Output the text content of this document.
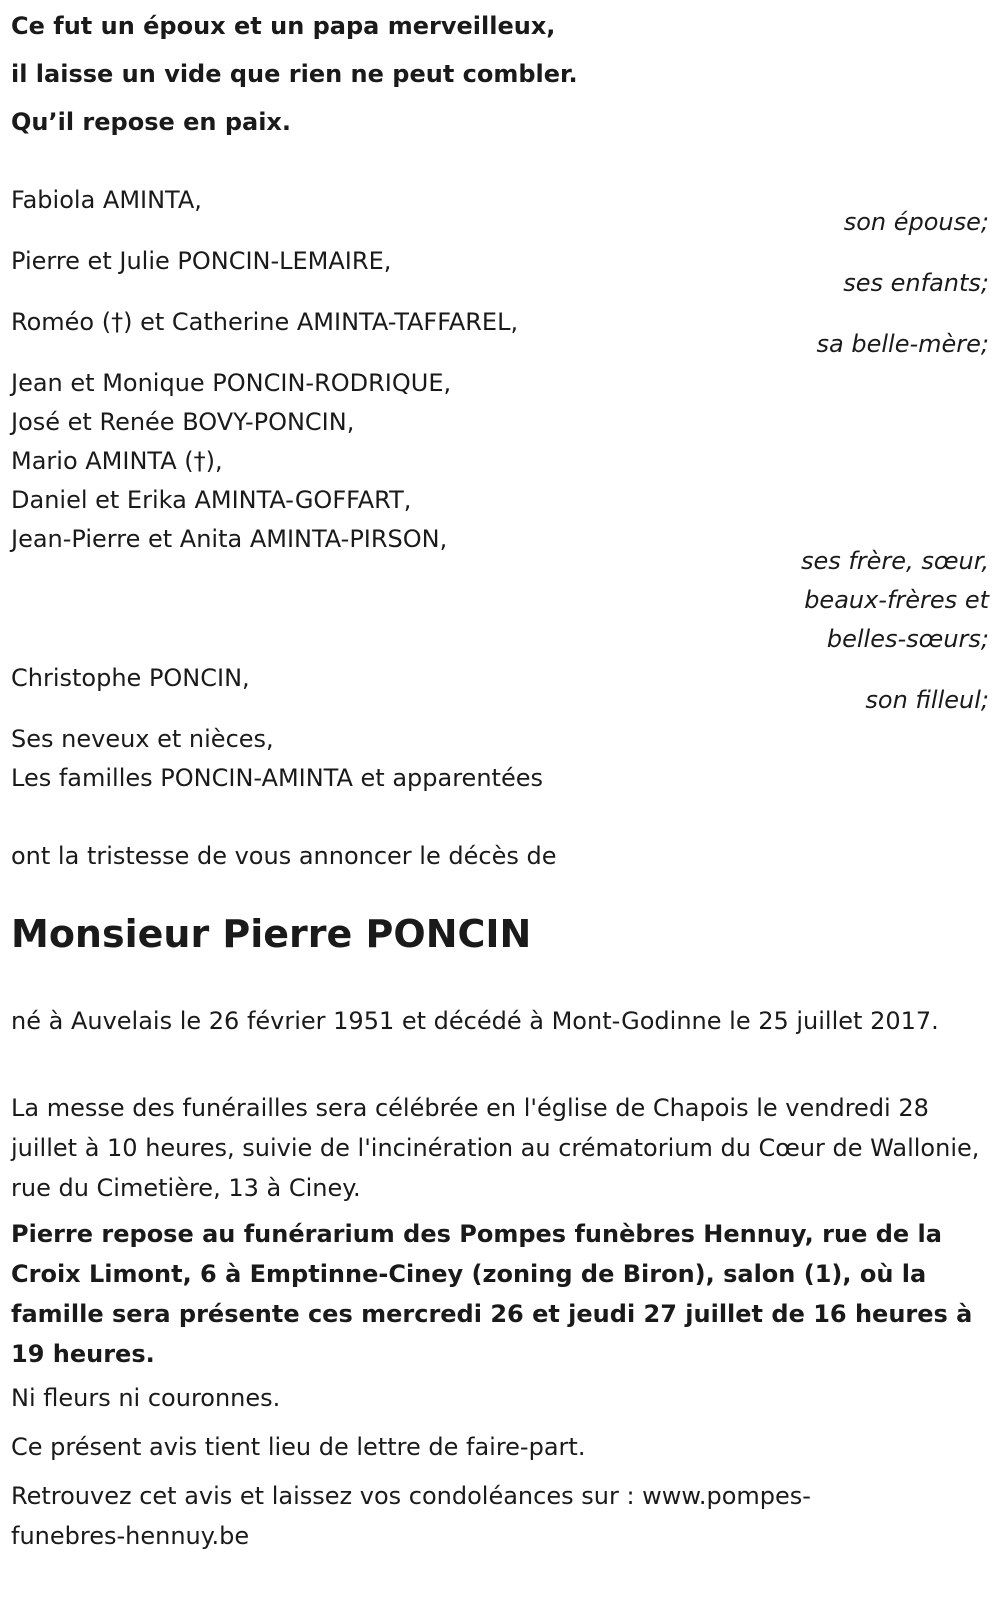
Ce fut un époux et un papa merveilleux,
il laisse un vide que rien ne peut combler.
Qu’il repose en paix.
Fabiola AMINTA,
son épouse;
Pierre et Julie PONCIN-LEMAIRE,
ses enfants;
Roméo (†) et Catherine AMINTA-TAFFAREL,
sa belle-mère;
Jean et Monique PONCIN-RODRIQUE,
José et Renée BOVY-PONCIN,
Mario AMINTA (†),
Daniel et Erika AMINTA-GOFFART,
Jean-Pierre et Anita AMINTA-PIRSON,
ses frère, sœur,
beaux-frères et
belles-sœurs;
Christophe PONCIN,
son filleul;
Ses neveux et nièces,
Les familles PONCIN-AMINTA et apparentées
ont la tristesse de vous annoncer le décès de
Monsieur Pierre PONCIN
né à Auvelais le 26 février 1951 et décédé à Mont-Godinne le 25 juillet 2017.
La messe des funérailles sera célébrée en l'église de Chapois le vendredi 28 juillet à 10 heures, suivie de l'incinération au crématorium du Cœur de Wallonie, rue du Cimetière, 13 à Ciney.
Pierre repose au funérarium des Pompes funèbres Hennuy, rue de la Croix Limont, 6 à Emptinne-Ciney (zoning de Biron), salon (1), où la famille sera présente ces mercredi 26 et jeudi 27 juillet de 16 heures à 19 heures.
Ni fleurs ni couronnes.
Ce présent avis tient lieu de lettre de faire-part.
Retrouvez cet avis et laissez vos condoléances sur : www.pompes-funebres-hennuy.be
